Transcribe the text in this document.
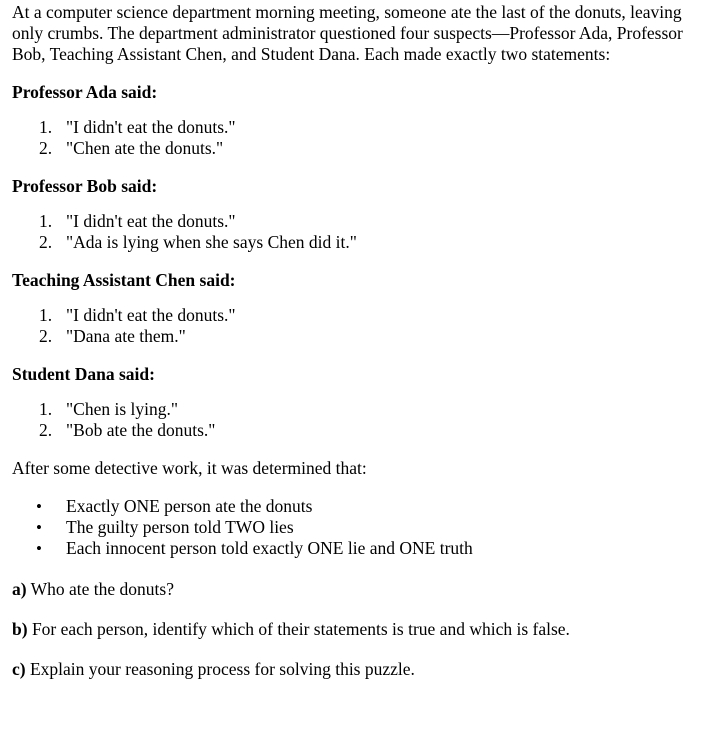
At a computer science department morning meeting, someone ate the last of the donuts, leaving only crumbs. The department administrator questioned four suspects—Professor Ada, Professor Bob, Teaching Assistant Chen, and Student Dana. Each made exactly two statements:

Professor Ada said:

1. "I didn't eat the donuts."
2. "Chen ate the donuts."

Professor Bob said:

1. "I didn't eat the donuts."
2. "Ada is lying when she says Chen did it."

Teaching Assistant Chen said:

1. "I didn't eat the donuts."
2. "Dana ate them."

Student Dana said:

1. "Chen is lying."
2. "Bob ate the donuts."

After some detective work, it was determined that:

• Exactly ONE person ate the donuts
• The guilty person told TWO lies
• Each innocent person told exactly ONE lie and ONE truth

a) Who ate the donuts?

b) For each person, identify which of their statements is true and which is false.

c) Explain your reasoning process for solving this puzzle.
